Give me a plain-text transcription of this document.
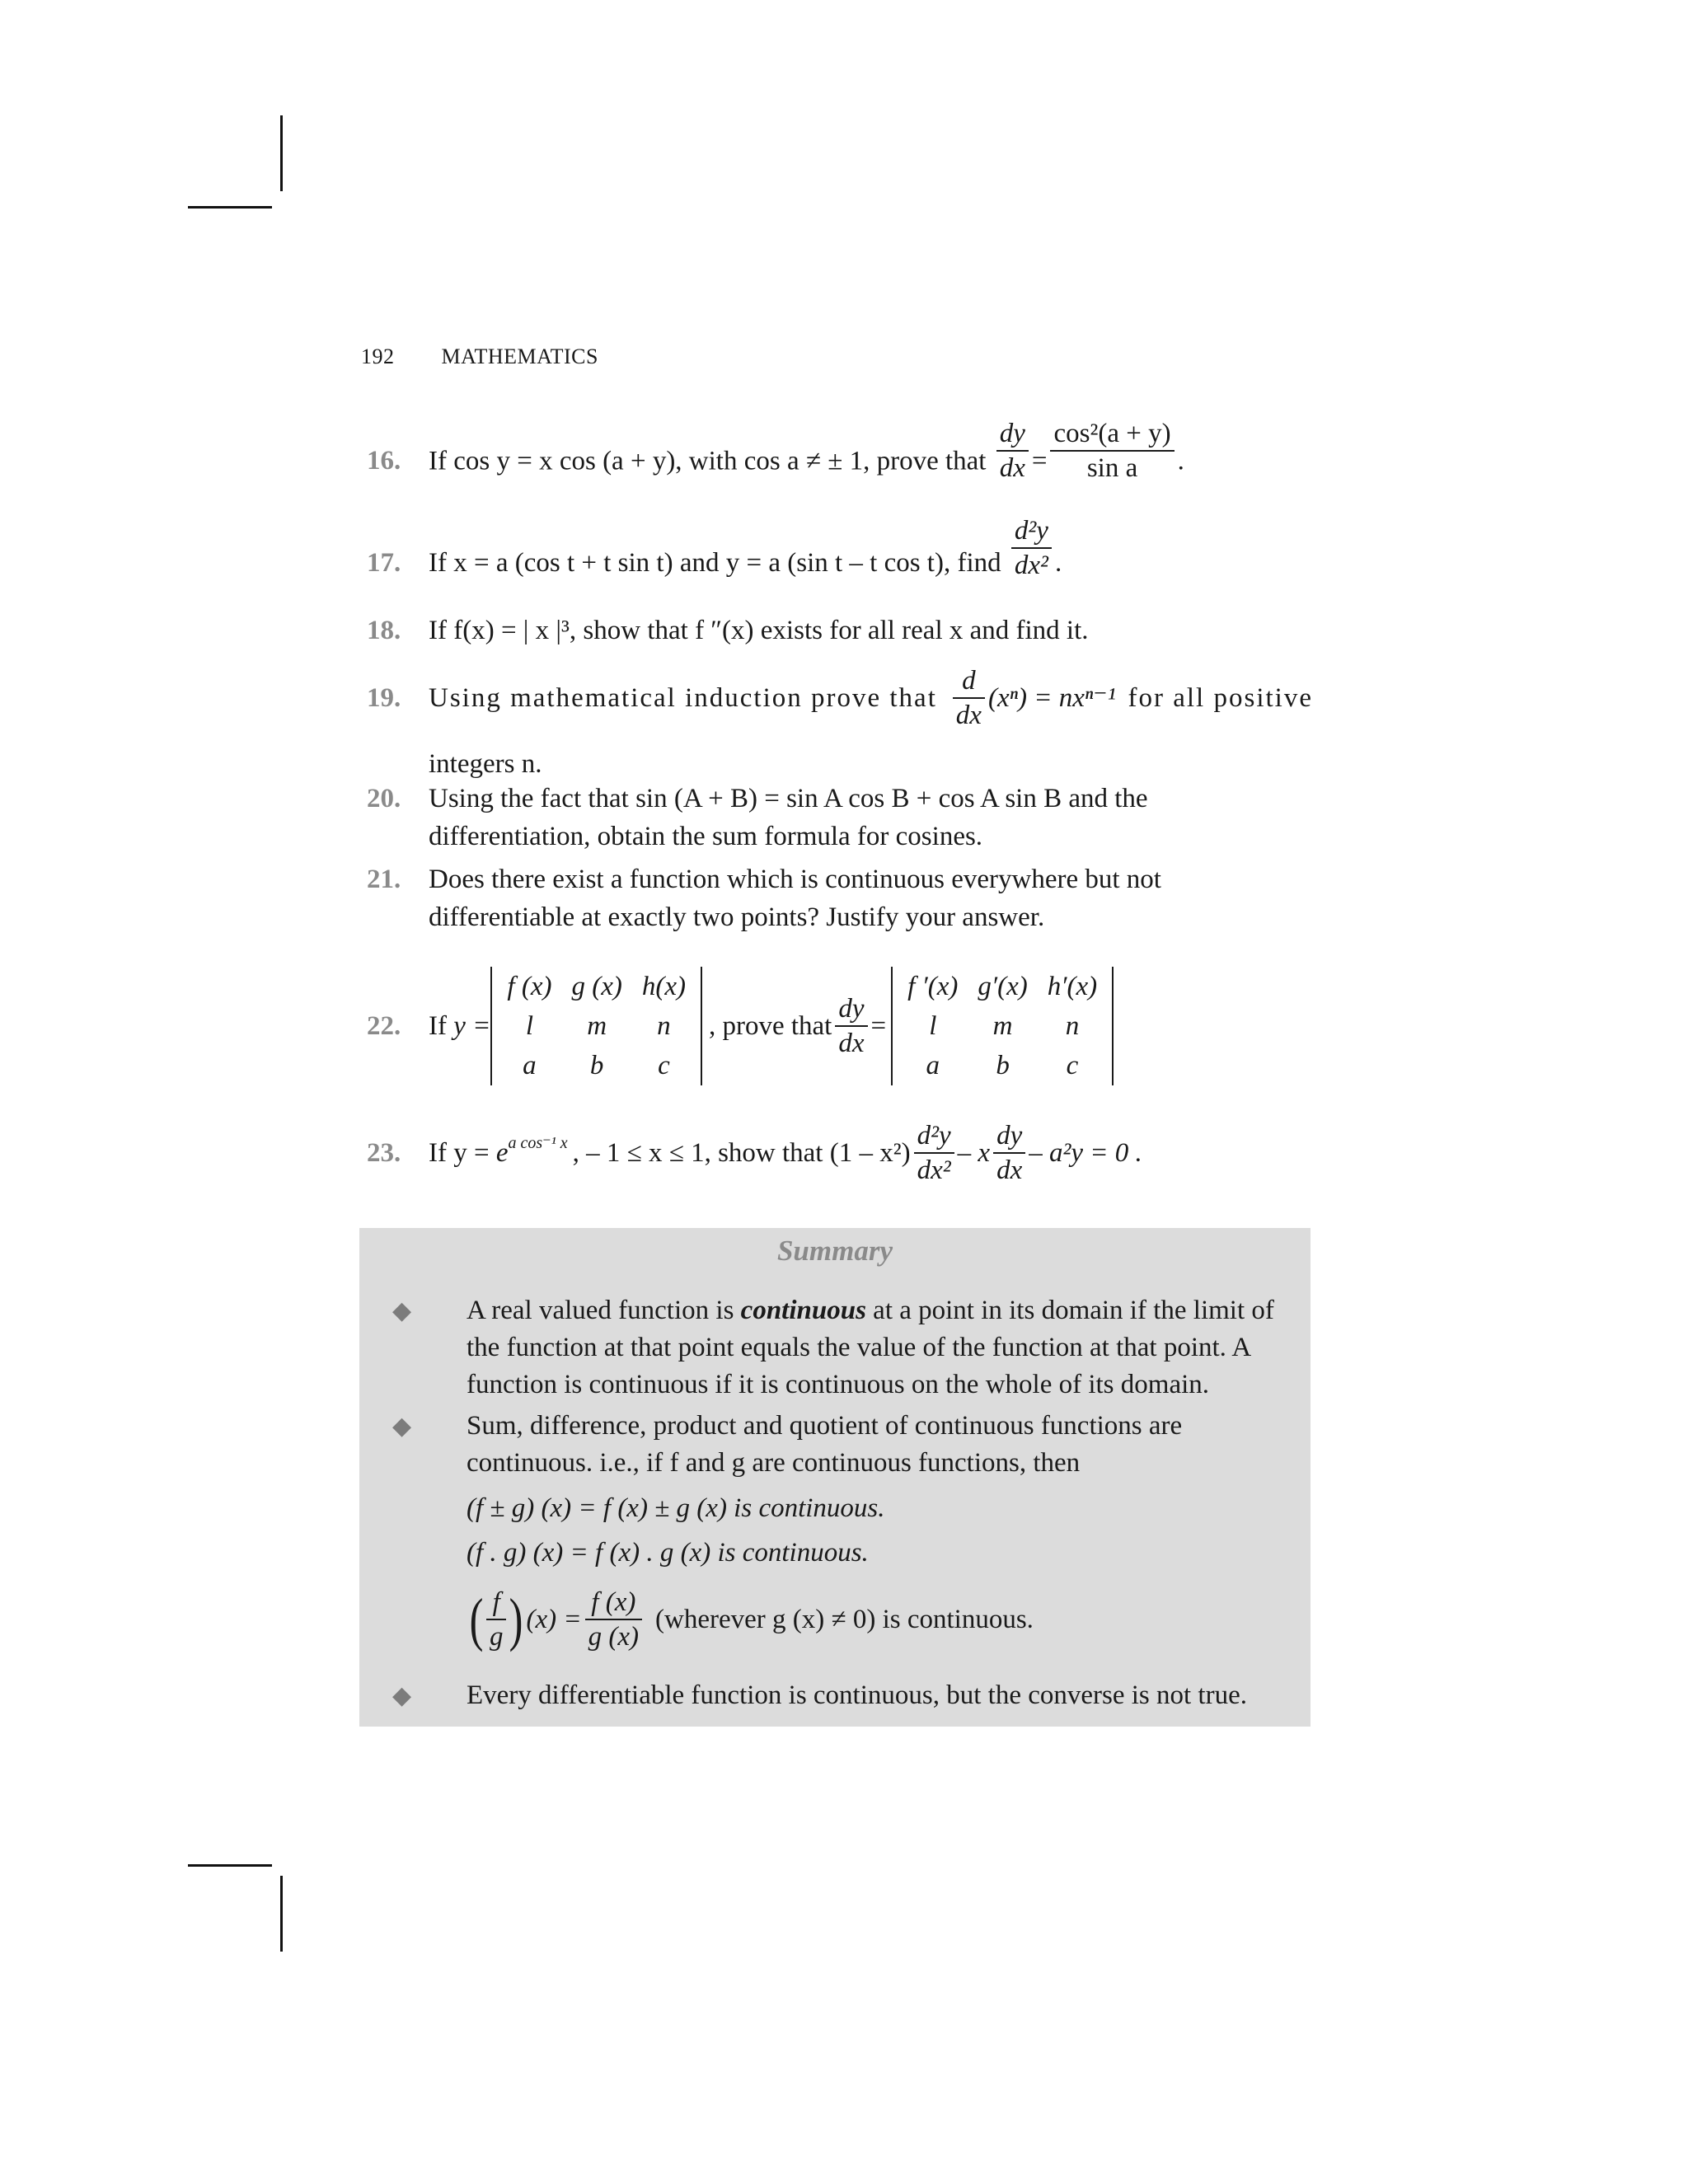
192 MATHEMATICS
16. If cos y = x cos (a + y), with cos a ≠ ± 1, prove that $\frac{dy}{dx} = \frac{\text{cos²(a + y)}}{\text{sin a}}$ .
17. If x = a (cos t + t sin t) and y = a (sin t – t cos t), find $\frac{\text{d²y}}{\text{dx²}}$ .
18. If f(x) = | x |³, show that f ″(x) exists for all real x and find it.
19. Using mathematical induction prove that $\frac{d}{dx} (x^n) = nx^{n-1}$ for all positive
integers n.
20. Using the fact that sin (A + B) = sin A cos B + cos A sin B and the differentiation, obtain the sum formula for cosines.
21. Does there exist a function which is continuous everywhere but not differentiable at exactly two points? Justify your answer.
22. If
y =
f (x)	g (x)	h(x)
l	m	n
a	b	c
, prove that $\frac{dy}{dx}$ =
f ′(x)	g′(x)	h′(x)
l	m	n
a	b	c
23. If y =
$e^{a cos^{-1} x}$ , – 1 ≤ x ≤ 1, show that
$(1 - x^2) \frac{\text{d²y}}{\text{dx²}} - x \frac{dy}{dx} - a^2y = 0$ .
Summary
◆ A real valued function is continuous at a point in its domain if the limit of the function at that point equals the value of the function at that point. A function is continuous if it is continuous on the whole of its domain.
◆ Sum, difference, product and quotient of continuous functions are continuous. i.e., if f and g are continuous functions, then
(f ± g) (x) = f (x) ± g (x) is continuous.
(f . g) (x) = f (x) . g (x) is continuous.
( $\frac{f}{g}$ ) $(x) = \frac{f (x)}{g (x)}$ (wherever g (x) ≠ 0) is continuous.
◆ Every differentiable function is continuous, but the converse is not true.
